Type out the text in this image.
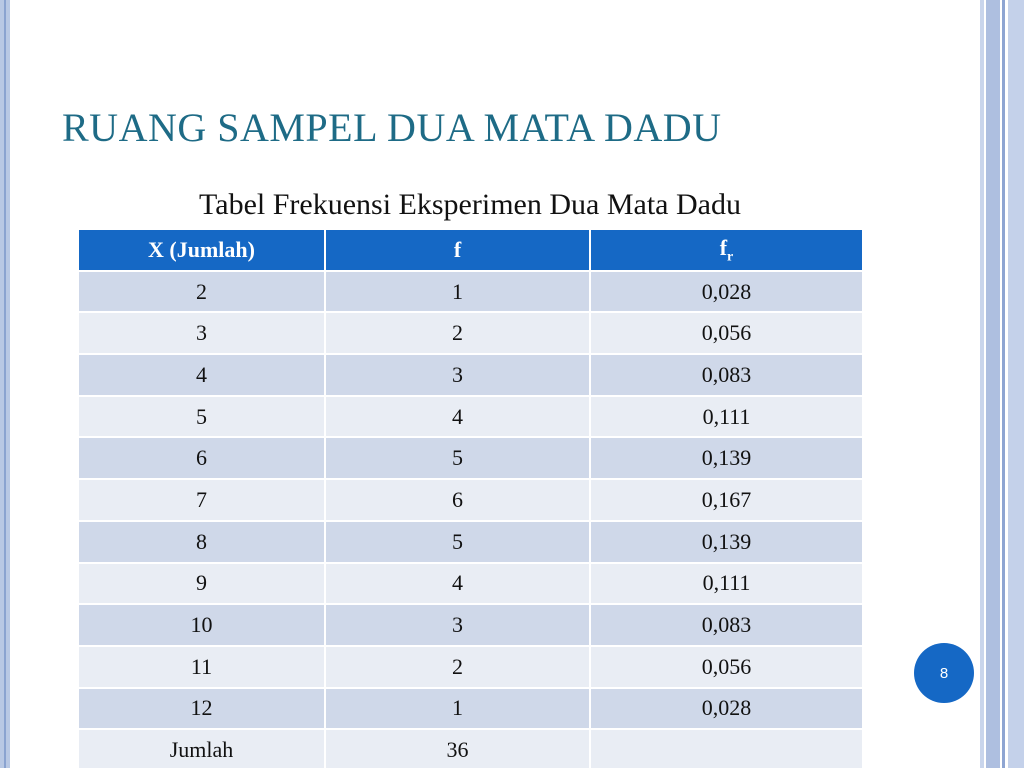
RUANG SAMPEL DUA MATA DADU

Tabel Frekuensi Eksperimen Dua Mata Dadu

X (Jumlah)	f	$f_r$
2	1	0,028
3	2	0,056
4	3	0,083
5	4	0,111
6	5	0,139
7	6	0,167
8	5	0,139
9	4	0,111
10	3	0,083
11	2	0,056
12	1	0,028
Jumlah	36	
8
